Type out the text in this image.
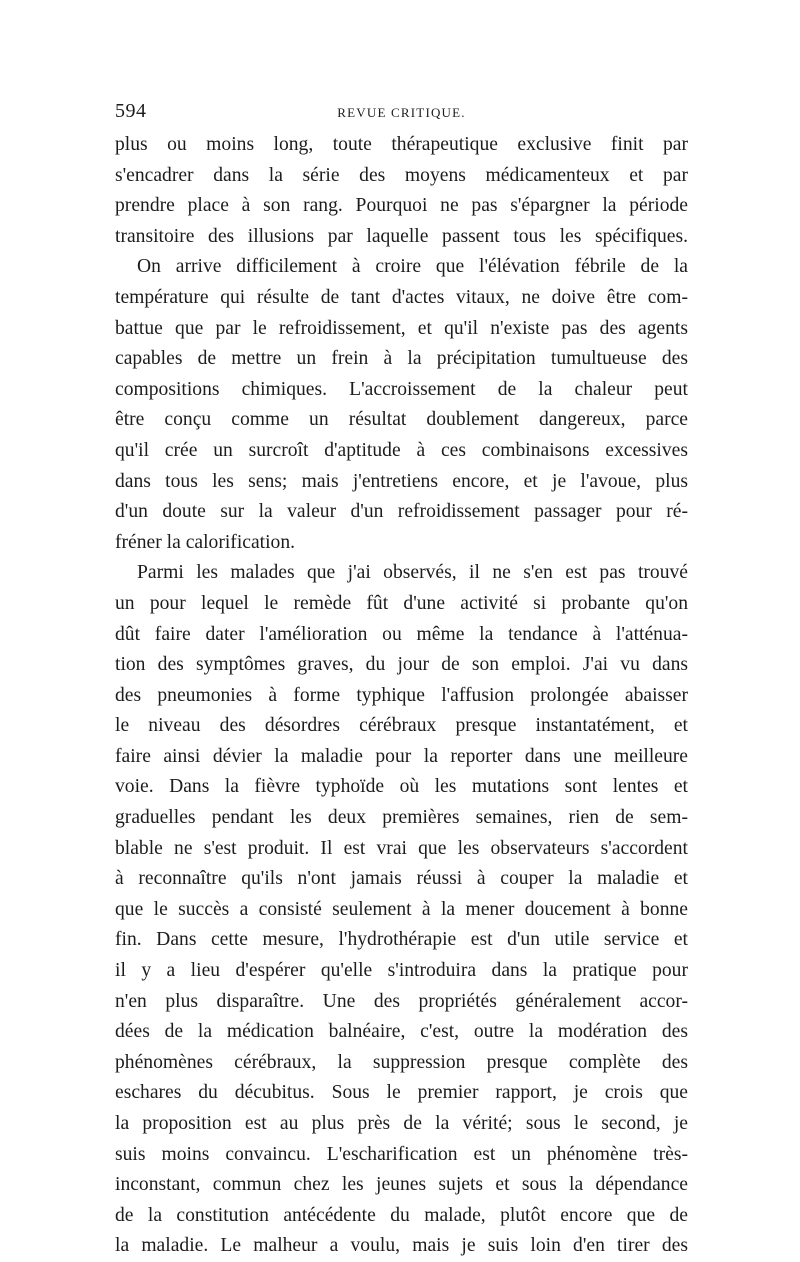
594	REVUE CRITIQUE.

plus ou moins long, toute thérapeutique exclusive finit par
s'encadrer dans la série des moyens médicamenteux et par
prendre place à son rang. Pourquoi ne pas s'épargner la période
transitoire des illusions par laquelle passent tous les spécifiques.

On arrive difficilement à croire que l'élévation fébrile de la
température qui résulte de tant d'actes vitaux, ne doive être com-
battue que par le refroidissement, et qu'il n'existe pas des agents
capables de mettre un frein à la précipitation tumultueuse des
compositions chimiques. L'accroissement de la chaleur peut
être conçu comme un résultat doublement dangereux, parce
qu'il crée un surcroît d'aptitude à ces combinaisons excessives
dans tous les sens; mais j'entretiens encore, et je l'avoue, plus
d'un doute sur la valeur d'un refroidissement passager pour ré-
fréner la calorification.

Parmi les malades que j'ai observés, il ne s'en est pas trouvé
un pour lequel le remède fût d'une activité si probante qu'on
dût faire dater l'amélioration ou même la tendance à l'atténua-
tion des symptômes graves, du jour de son emploi. J'ai vu dans
des pneumonies à forme typhique l'affusion prolongée abaisser
le niveau des désordres cérébraux presque instantatément, et
faire ainsi dévier la maladie pour la reporter dans une meilleure
voie. Dans la fièvre typhoïde où les mutations sont lentes et
graduelles pendant les deux premières semaines, rien de sem-
blable ne s'est produit. Il est vrai que les observateurs s'accordent
à reconnaître qu'ils n'ont jamais réussi à couper la maladie et
que le succès a consisté seulement à la mener doucement à bonne
fin. Dans cette mesure, l'hydrothérapie est d'un utile service et
il y a lieu d'espérer qu'elle s'introduira dans la pratique pour
n'en plus disparaître. Une des propriétés généralement accor-
dées de la médication balnéaire, c'est, outre la modération des
phénomènes cérébraux, la suppression presque complète des
eschares du décubitus. Sous le premier rapport, je crois que
la proposition est au plus près de la vérité; sous le second, je
suis moins convaincu. L'escharification est un phénomène très-
inconstant, commun chez les jeunes sujets et sous la dépendance
de la constitution antécédente du malade, plutôt encore que de
la maladie. Le malheur a voulu, mais je suis loin d'en tirer des
